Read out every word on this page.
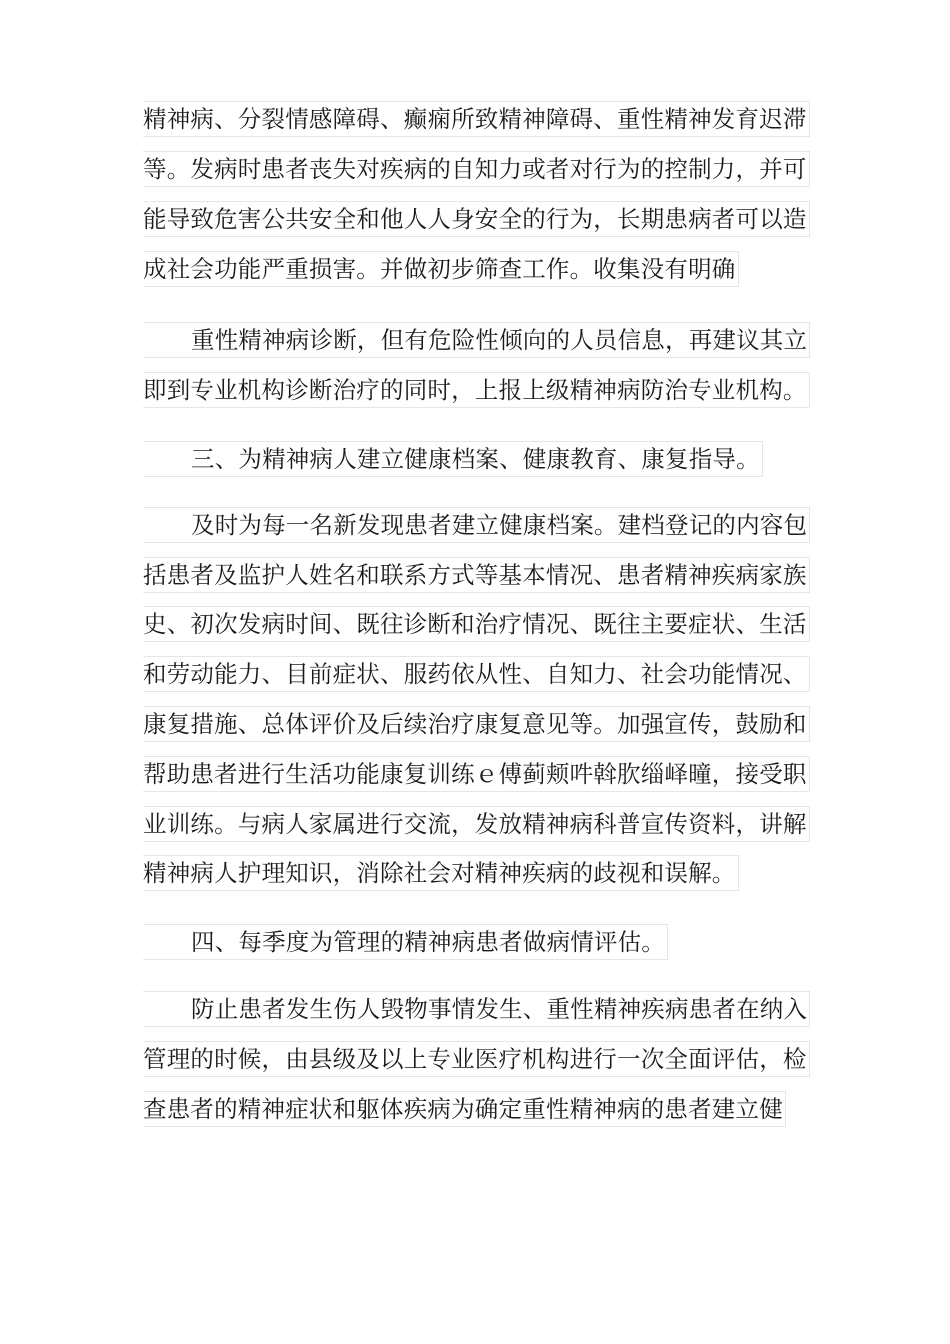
精神病、分裂情感障碍、癫痫所致精神障碍、重性精神发育迟滞
等。发病时患者丧失对疾病的自知力或者对行为的控制力，并可
能导致危害公共安全和他人人身安全的行为，长期患病者可以造
成社会功能严重损害。并做初步筛查工作。收集没有明确
重性精神病诊断，但有危险性倾向的人员信息，再建议其立
即到专业机构诊断治疗的同时，上报上级精神病防治专业机构。
三、为精神病人建立健康档案、健康教育、康复指导。
及时为每一名新发现患者建立健康档案。建档登记的内容包
括患者及监护人姓名和联系方式等基本情况、患者精神疾病家族
史、初次发病时间、既往诊断和治疗情况、既往主要症状、生活
和劳动能力、目前症状、服药依从性、自知力、社会功能情况、
康复措施、总体评价及后续治疗康复意见等。加强宣传，鼓励和
帮助患者进行生活功能康复训练ｅ傅蓟颊吽斡肷缁峄曈，接受职
业训练。与病人家属进行交流，发放精神病科普宣传资料，讲解
精神病人护理知识，消除社会对精神疾病的歧视和误解。
四、每季度为管理的精神病患者做病情评估。
防止患者发生伤人毁物事情发生、重性精神疾病患者在纳入
管理的时候，由县级及以上专业医疗机构进行一次全面评估，检
查患者的精神症状和躯体疾病为确定重性精神病的患者建立健
